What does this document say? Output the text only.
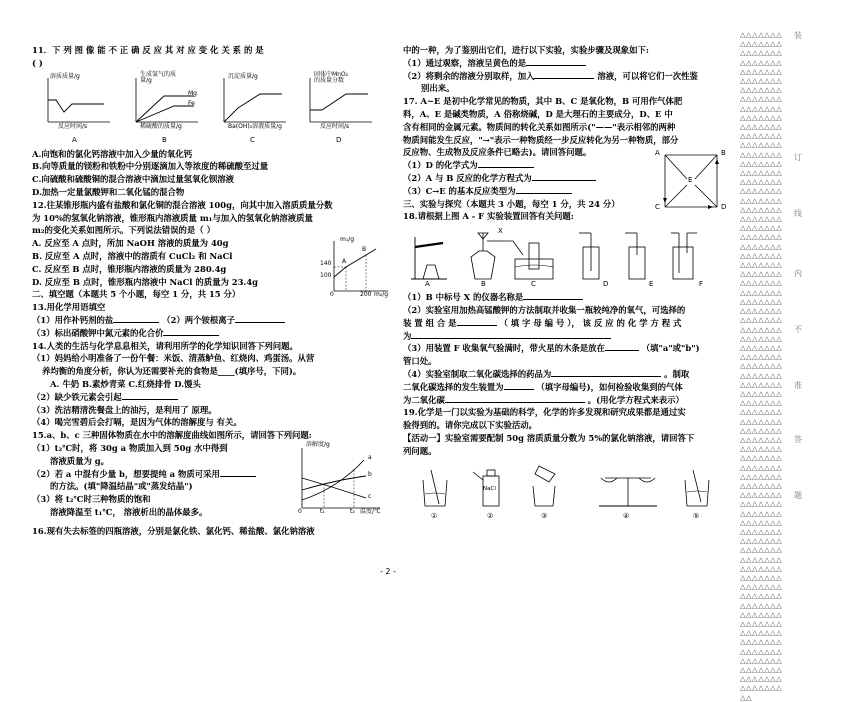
11．下 列 图 像 能 不 正 确 反 应 其 对 应 变 化 关 系 的 是
( )
溶质质量/g
反应时间/s
A
生成氢气的质量/g
Mg
Fe
稀硫酸的质量/g
B
沉淀质量/g
Ba(OH)₂溶液质量/g
C
固体中MnO₂的质量分数
反应时间/s
D
A.向饱和的氯化钙溶液中加入少量的氧化钙
B.向等质量的镁粉和铁粉中分别逐滴加入等浓度的稀硫酸至过量
C.向硫酸和硫酸铜的混合溶液中滴加过量氢氧化钡溶液
D.加热一定量氯酸钾和二氧化锰的混合物
12.往某锥形瓶内盛有盐酸和氯化铜的混合溶液 100g，向其中加入溶质质量分数
为 10%的氢氧化钠溶液，锥形瓶内溶液质量 m₁与加入的氢氧化钠溶液质量
m₂的变化关系如图所示。下列说法错误的是（ ）
A. 反应至 A 点时，所加 NaOH 溶液的质量为 40g
B. 反应至 A 点时，溶液中的溶质有 CuCl₂ 和 NaCl
C. 反应至 B 点时，锥形瓶内溶液的质量为 280.4g
D. 反应至 B 点时，锥形瓶内溶液中 NaCl 的质量为 23.4g
m₁/g
140
100
0	200 m₂/g
A
B
二、填空题（本题共 5 个小题，每空 1 分，共 15 分）
13.用化学用语填空
（1）用作补钙剂的盐	（2）两个铵根离子
（3）标出硝酸钾中氮元素的化合价
14.人类的生活与化学息息相关，请利用所学的化学知识回答下列问题。
（1）妈妈给小明准备了一份午餐：米饭、清蒸鲈鱼、红烧肉、鸡蛋汤。从营
养均衡的角度分析，你认为还需要补充的食物是____(填序号，下同)。
A. 牛奶 B.素炒青菜 C.红烧排骨 D.馒头
（2）缺少铁元素会引起
（3）洗洁精清洗餐盘上的油污，是利用了 原理。
（4）喝完雪碧后会打嗝，是因为气体的溶解度与 有关。
15.a、b、c 三种固体物质在水中的溶解度曲线如图所示，请回答下列问题:
（1）t₂℃时，将 30g a 物质加入到 50g 水中得到
溶液质量为 g。
（2）若 a 中混有少量 b，想要提纯 a 物质可采用
的方法。(填"降温结晶"或"蒸发结晶")
（3）将 t₂℃时三种物质的饱和
溶液降温至 t₁℃， 溶液析出的晶体最多。
溶解度/g
a
b
c
0	t₁	t₂ 温度/℃
16.现有失去标签的四瓶溶液，分别是氯化铁、氯化钙、稀盐酸、氯化钠溶液
中的一种，为了鉴别出它们，进行以下实验，实验步骤及现象如下:
（1）通过观察，溶液呈黄色的是
（2）将剩余的溶液分别取样，加入	溶液，可以将它们一次性鉴
别出来。
17. A~E 是初中化学常见的物质，其中 B、C 是氧化物，B 可用作气体肥
料，A、E 是碱类物质，A 俗称烧碱，D 是大理石的主要成分，D、E 中
含有相同的金属元素。物质间的转化关系如图所示("——"表示相邻的两种
物质间能发生反应，"→"表示一种物质经一步反应转化为另一种物质，部分
反应物、生成物及反应条件已略去)。请回答问题。
（1）D 的化学式为
（2）A 与 B 反应的化学方程式为
（3）C→E 的基本反应类型为
A	B
C	D
E
三、实验与探究（本题共 3 小题，每空 1 分，共 24 分）
18.请根据上图 A - F 实验装置回答有关问题:
X
A	B	C	D	E	F
（1）B 中标号 X 的仪器名称是
（2）实验室用加热高锰酸钾的方法制取并收集一瓶较纯净的氧气，可选择的
装 置 组 合 是	（ 填 字 母 编 号 ）， 该 反 应 的 化 学 方 程 式
为
（3）用装置 F 收集氧气验满时，带火星的木条是放在	（填"a"或"b")
管口处。
（4）实验室制取二氧化碳选择的药品为	。制取
二氧化碳选择的发生装置为	（填字母编号)，如何检验收集到的气体
为二氧化碳	。(用化学方程式来表示）
19.化学是一门以实验为基础的科学，化学的许多发现和研究成果都是通过实
验得到的。请你完成以下实验活动。
【活动一】实验室需要配制 50g 溶质质量分数为 5%的氯化钠溶液，请回答下
列问题。
NaCl
①	②	③	④	⑤
- 2 -
△△△△△△△△△△△△△△△△△△△△△△△△△△△△△△△△△△△△△△△△△△△△△△△△△△△△△△△△△△△△△△△△△△△△△△△△△△△△△△△△△△△△△△△△△△△△△△△△△△△△△△△△△△△△△△△△△△△△△△△△△△△△△△△△△△△△△△△△△△△△△△△△△△△△△△△△△△△△△△△△△△△△△△△△△△△△△△△△△△△△△△△△△△△△△△△△△△△△△△△△△△△△△△△△△△△△△△△△△△△△△△△△△△△△△△△△△△△△△△△△△△△△△△△△△△△△△△△△△△△△△△△△△△△△△△△△△△△△△△△△△△△△△△△△△△△△△△△△△△△△△△△△△△△△△△△△△△△△△△△△△△△△△△△△△△△△△△△△△△△△△△△△△△△△△△△△△△△△△△△△△△△△△△△△△△△△△△△△△△△△△△△△△△△△△△△△△△△△△△△△△△△△△△△△△△△△△△△△△△△△△△△△△△△△△△△△△△△△△△△△△△△△△△△△△△△△△△△△△△△△△△△△△△△△△△△△△△△△△△△△△△△△△△△△△△△△△△△△△△△△△△△△△△
装
订
线
内
不
准
答
题
